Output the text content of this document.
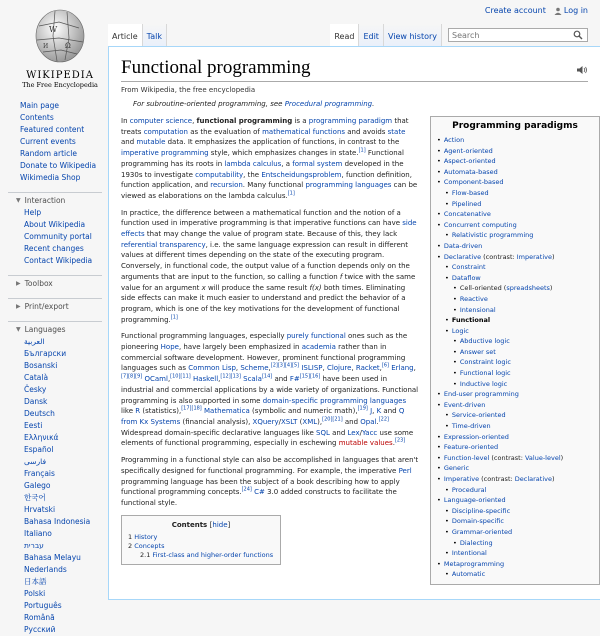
Create account Log in
W
Ω
И
WIKIPEDIA
The Free Encyclopedia
Article	Talk	Read	Edit	View history
Search
Main page
Contents
Featured content
Current events
Random article
Donate to Wikipedia
Wikimedia Shop
▼ Interaction
Help
About Wikipedia
Community portal
Recent changes
Contact Wikipedia
▶ Toolbox
▶ Print/export
▼ Languages
العربية
Български
Bosanski
Català
Česky
Dansk
Deutsch
Eesti
Ελληνικά
Español
فارسی
Français
Galego
한국어
Hrvatski
Bahasa Indonesia
Italiano
עברית
Bahasa Melayu
Nederlands
日本語
Polski
Português
Română
Русский
Functional programming
From Wikipedia, the free encyclopedia
For subroutine-oriented programming, see Procedural programming.
Programming paradigms
• Action
• Agent-oriented
• Aspect-oriented
• Automata-based
• Component-based
• Flow-based
• Pipelined
• Concatenative
• Concurrent computing
• Relativistic programming
• Data-driven
• Declarative (contrast: Imperative)
• Constraint
• Dataflow
• Cell-oriented (spreadsheets)
• Reactive
• Intensional
• Functional
• Logic
• Abductive logic
• Answer set
• Constraint logic
• Functional logic
• Inductive logic
• End-user programming
• Event-driven
• Service-oriented
• Time-driven
• Expression-oriented
• Feature-oriented
• Function-level (contrast: Value-level)
• Generic
• Imperative (contrast: Declarative)
• Procedural
• Language-oriented
• Discipline-specific
• Domain-specific
• Grammar-oriented
• Dialecting
• Intentional
• Metaprogramming
• Automatic

In computer science, functional programming is a programming paradigm that treats computation as the evaluation of mathematical functions and avoids state and mutable data. It emphasizes the application of functions, in contrast to the imperative programming style, which emphasizes changes in state.[1] Functional programming has its roots in lambda calculus, a formal system developed in the 1930s to investigate computability, the Entscheidungsproblem, function definition, function application, and recursion. Many functional programming languages can be viewed as elaborations on the lambda calculus.[1]

In practice, the difference between a mathematical function and the notion of a function used in imperative programming is that imperative functions can have side effects that may change the value of program state. Because of this, they lack referential transparency, i.e. the same language expression can result in different values at different times depending on the state of the executing program. Conversely, in functional code, the output value of a function depends only on the arguments that are input to the function, so calling a function f twice with the same value for an argument x will produce the same result f(x) both times. Eliminating side effects can make it much easier to understand and predict the behavior of a program, which is one of the key motivations for the development of functional programming.[1]

Functional programming languages, especially purely functional ones such as the pioneering Hope, have largely been emphasized in academia rather than in commercial software development. However, prominent functional programming languages such as Common Lisp, Scheme,[2][3][4][5] ISLISP, Clojure, Racket,[6] Erlang,[7][8][9] OCaml,[10][11] Haskell,[12][13] Scala[14] and F#[15][16] have been used in industrial and commercial applications by a wide variety of organizations. Functional programming is also supported in some domain-specific programming languages like R (statistics),[17][18] Mathematica (symbolic and numeric math),[19] J, K and Q from Kx Systems (financial analysis), XQuery/XSLT (XML),[20][21] and Opal.[22] Widespread domain-specific declarative languages like SQL and Lex/Yacc use some elements of functional programming, especially in eschewing mutable values.[23]

Programming in a functional style can also be accomplished in languages that aren't specifically designed for functional programming. For example, the imperative Perl programming language has been the subject of a book describing how to apply functional programming concepts.[24] C# 3.0 added constructs to facilitate the functional style.

Contents [hide]
1 History
2 Concepts
2.1 First-class and higher-order functions
